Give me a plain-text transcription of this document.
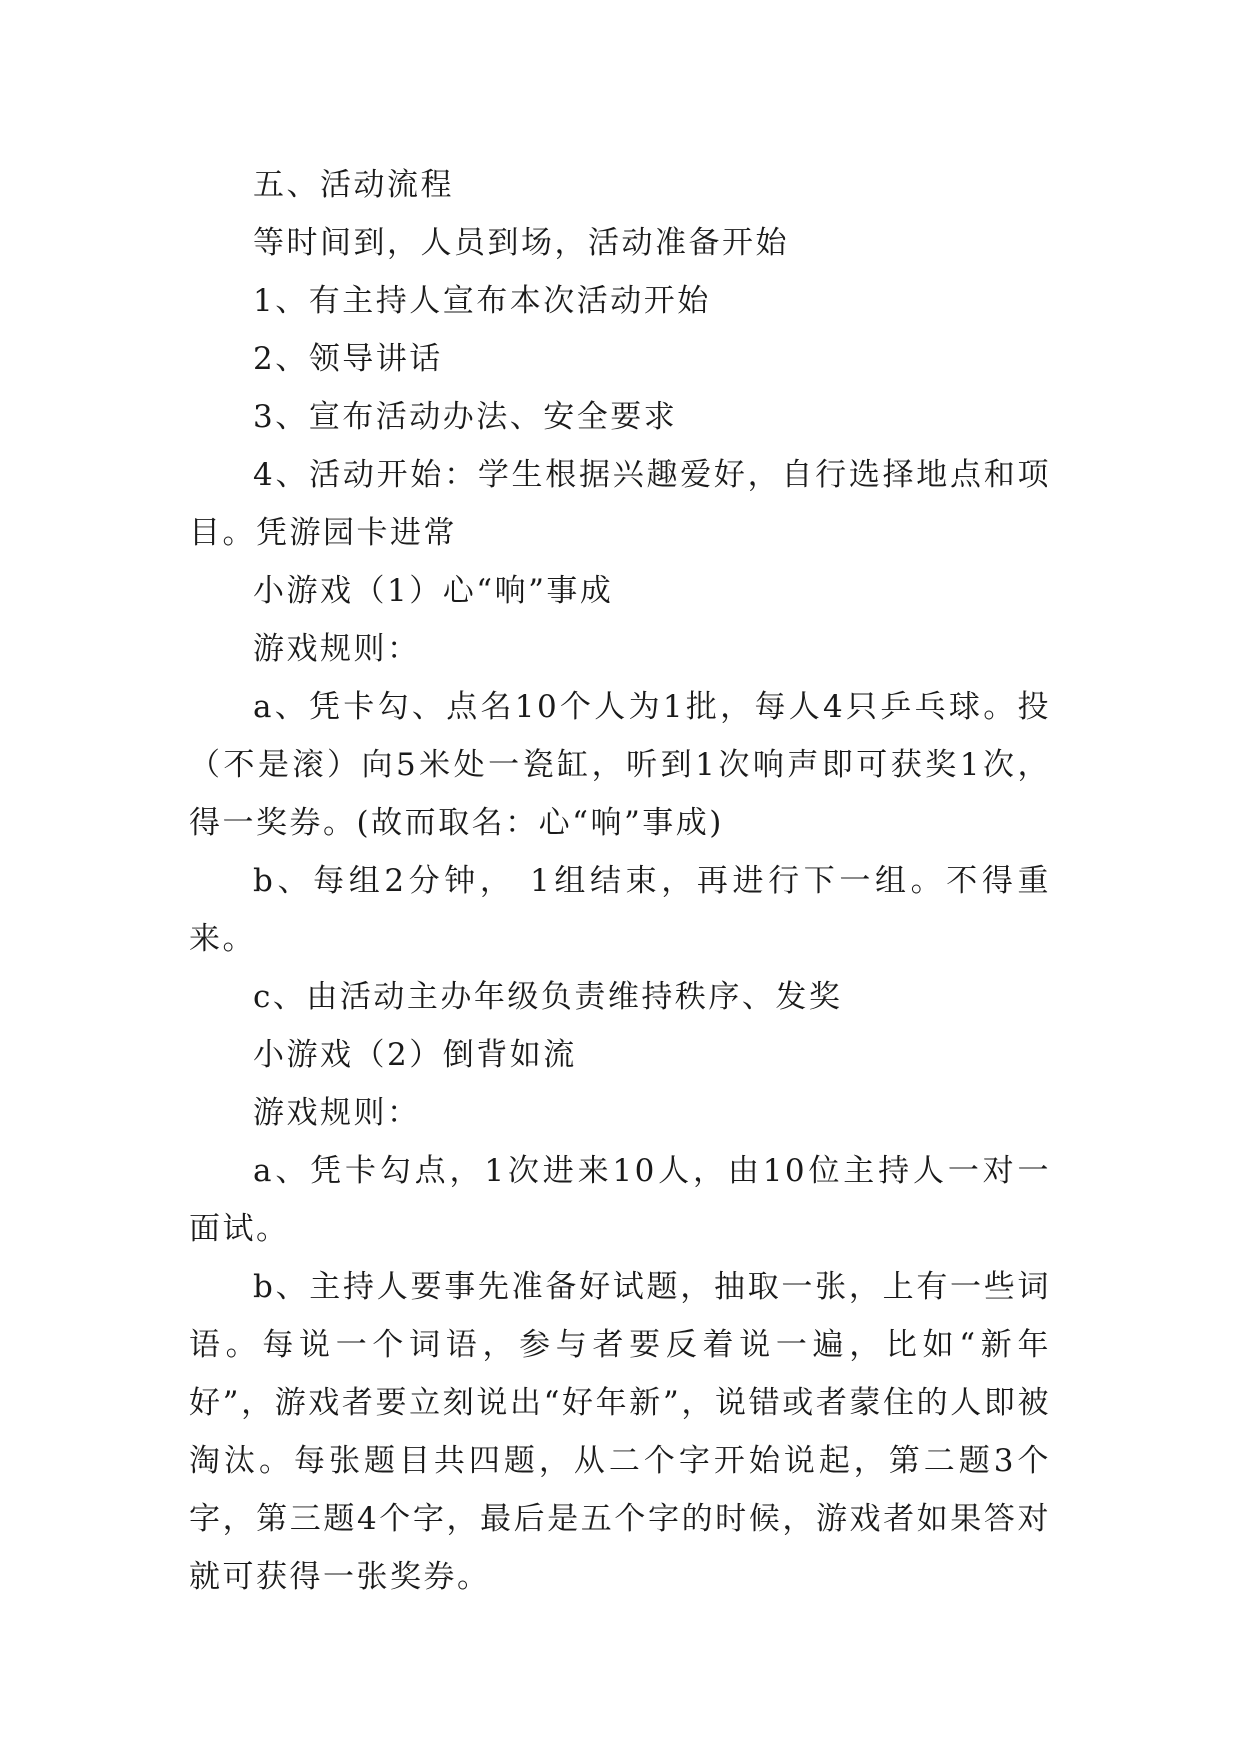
五、活动流程

等时间到，人员到场，活动准备开始

1、有主持人宣布本次活动开始

2、领导讲话

3、宣布活动办法、安全要求

4、活动开始：学生根据兴趣爱好，自行选择地点和项目。凭游园卡进常

小游戏（1）心“响”事成

游戏规则：

a、凭卡勾、点名10个人为1批，每人4只乒乓球。投（不是滚）向5米处一瓷缸，听到1次响声即可获奖1次，得一奖券。(故而取名：心“响”事成)

b、每组2分钟， 1组结束，再进行下一组。不得重来。

c、由活动主办年级负责维持秩序、发奖

小游戏（2）倒背如流

游戏规则：

a、凭卡勾点，1次进来10人，由10位主持人一对一面试。

b、主持人要事先准备好试题，抽取一张，上有一些词语。每说一个词语，参与者要反着说一遍，比如“新年好”，游戏者要立刻说出“好年新”，说错或者蒙住的人即被淘汰。每张题目共四题，从二个字开始说起，第二题3个字，第三题4个字，最后是五个字的时候，游戏者如果答对就可获得一张奖券。
